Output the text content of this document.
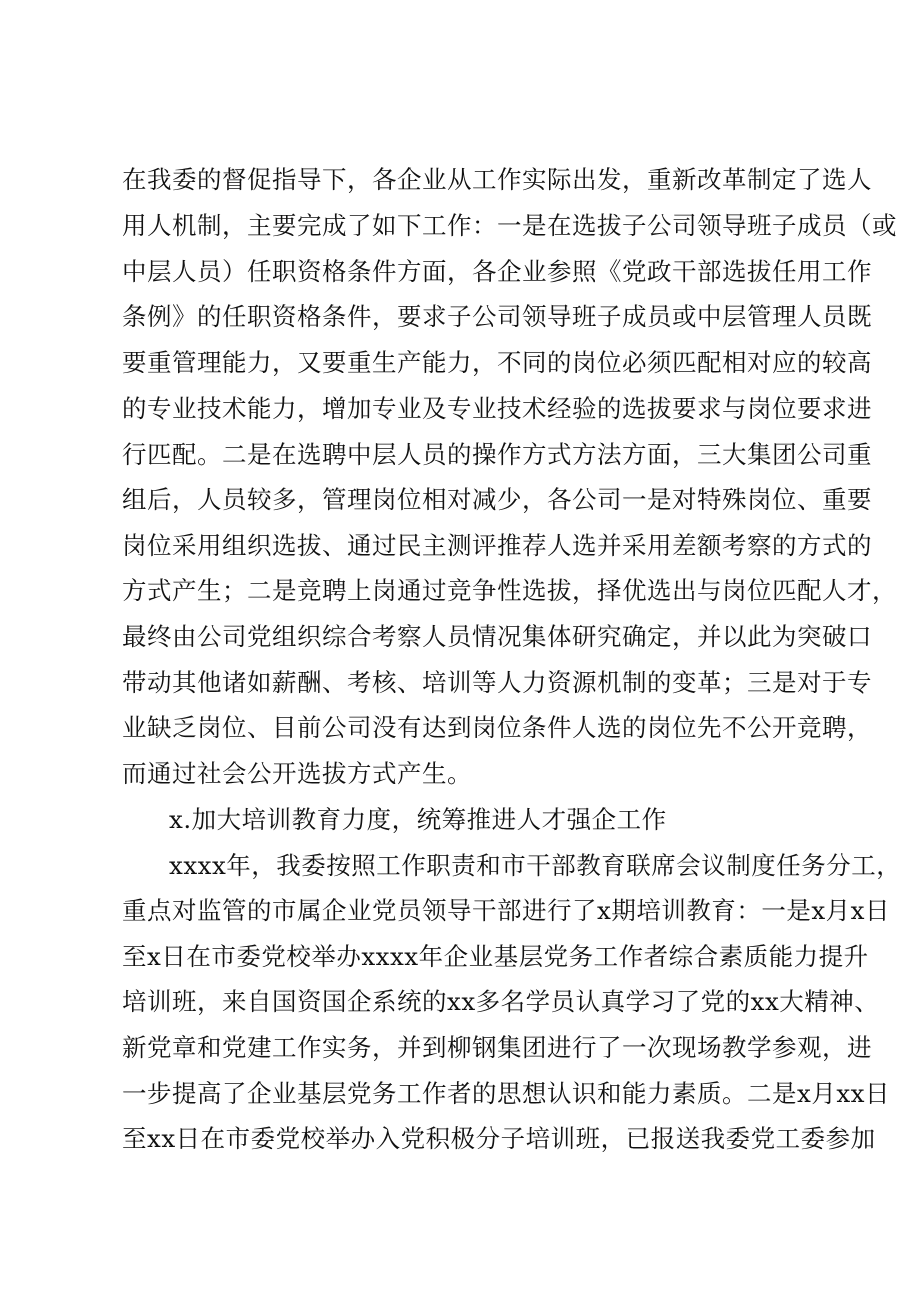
在我委的督促指导下，各企业从工作实际出发，重新改革制定了选人
用人机制，主要完成了如下工作：一是在选拔子公司领导班子成员（或
中层人员）任职资格条件方面，各企业参照《党政干部选拔任用工作
条例》的任职资格条件，要求子公司领导班子成员或中层管理人员既
要重管理能力，又要重生产能力，不同的岗位必须匹配相对应的较高
的专业技术能力，增加专业及专业技术经验的选拔要求与岗位要求进
行匹配。二是在选聘中层人员的操作方式方法方面，三大集团公司重
组后，人员较多，管理岗位相对减少，各公司一是对特殊岗位、重要
岗位采用组织选拔、通过民主测评推荐人选并采用差额考察的方式的
方式产生；二是竞聘上岗通过竞争性选拔，择优选出与岗位匹配人才，
最终由公司党组织综合考察人员情况集体研究确定，并以此为突破口
带动其他诸如薪酬、考核、培训等人力资源机制的变革；三是对于专
业缺乏岗位、目前公司没有达到岗位条件人选的岗位先不公开竞聘，
而通过社会公开选拔方式产生。
x.加大培训教育力度，统筹推进人才强企工作
xxxx年，我委按照工作职责和市干部教育联席会议制度任务分工，
重点对监管的市属企业党员领导干部进行了x期培训教育：一是x月x日
至x日在市委党校举办xxxx年企业基层党务工作者综合素质能力提升
培训班，来自国资国企系统的xx多名学员认真学习了党的xx大精神、
新党章和党建工作实务，并到柳钢集团进行了一次现场教学参观，进
一步提高了企业基层党务工作者的思想认识和能力素质。二是x月xx日
至xx日在市委党校举办入党积极分子培训班，已报送我委党工委参加
